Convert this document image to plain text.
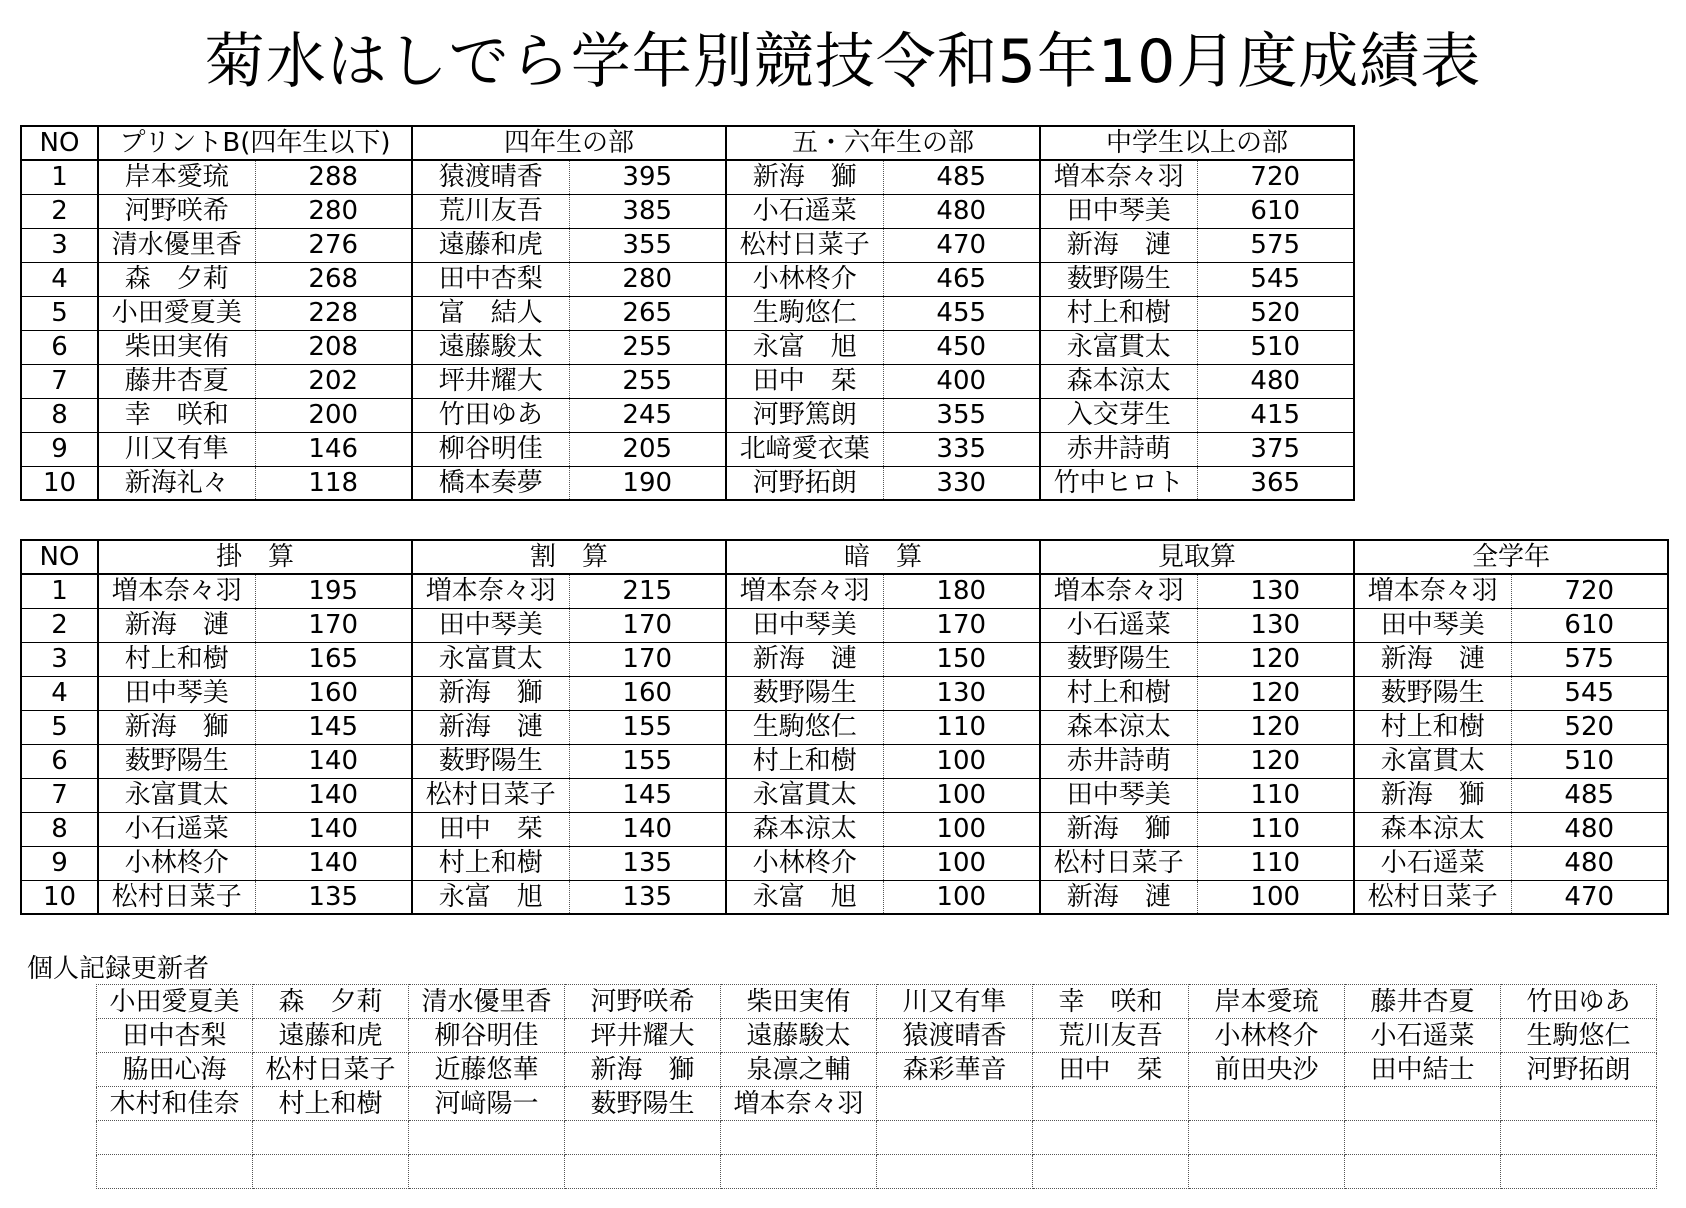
菊水はしでら学年別競技令和5年10月度成績表
NO	プリントB(四年生以下)		四年生の部		五・六年生の部		中学生以上の部	
1	岸本愛琉	288	猿渡晴香	395	新海　獅	485	増本奈々羽	720
2	河野咲希	280	荒川友吾	385	小石遥菜	480	田中琴美	610
3	清水優里香	276	遠藤和虎	355	松村日菜子	470	新海　漣	575
4	森　夕莉	268	田中杏梨	280	小林柊介	465	薮野陽生	545
5	小田愛夏美	228	富　結人	265	生駒悠仁	455	村上和樹	520
6	柴田実侑	208	遠藤駿太	255	永富　旭	450	永富貫太	510
7	藤井杏夏	202	坪井耀大	255	田中　栞	400	森本涼太	480
8	幸　咲和	200	竹田ゆあ	245	河野篤朗	355	入交芽生	415
9	川又有隼	146	柳谷明佳	205	北﨑愛衣葉	335	赤井詩萌	375
10	新海礼々	118	橋本奏夢	190	河野拓朗	330	竹中ヒロト	365
NO	掛　算		割　算		暗　算		見取算		全学年	
1	増本奈々羽	195	増本奈々羽	215	増本奈々羽	180	増本奈々羽	130	増本奈々羽	720
2	新海　漣	170	田中琴美	170	田中琴美	170	小石遥菜	130	田中琴美	610
3	村上和樹	165	永富貫太	170	新海　漣	150	薮野陽生	120	新海　漣	575
4	田中琴美	160	新海　獅	160	薮野陽生	130	村上和樹	120	薮野陽生	545
5	新海　獅	145	新海　漣	155	生駒悠仁	110	森本涼太	120	村上和樹	520
6	薮野陽生	140	薮野陽生	155	村上和樹	100	赤井詩萌	120	永富貫太	510
7	永富貫太	140	松村日菜子	145	永富貫太	100	田中琴美	110	新海　獅	485
8	小石遥菜	140	田中　栞	140	森本涼太	100	新海　獅	110	森本涼太	480
9	小林柊介	140	村上和樹	135	小林柊介	100	松村日菜子	110	小石遥菜	480
10	松村日菜子	135	永富　旭	135	永富　旭	100	新海　漣	100	松村日菜子	470
個人記録更新者
小田愛夏美	森　夕莉	清水優里香	河野咲希	柴田実侑	川又有隼	幸　咲和	岸本愛琉	藤井杏夏	竹田ゆあ
田中杏梨	遠藤和虎	柳谷明佳	坪井耀大	遠藤駿太	猿渡晴香	荒川友吾	小林柊介	小石遥菜	生駒悠仁
脇田心海	松村日菜子	近藤悠華	新海　獅	泉凛之輔	森彩華音	田中　栞	前田央沙	田中結士	河野拓朗
木村和佳奈	村上和樹	河﨑陽一	薮野陽生	増本奈々羽					
